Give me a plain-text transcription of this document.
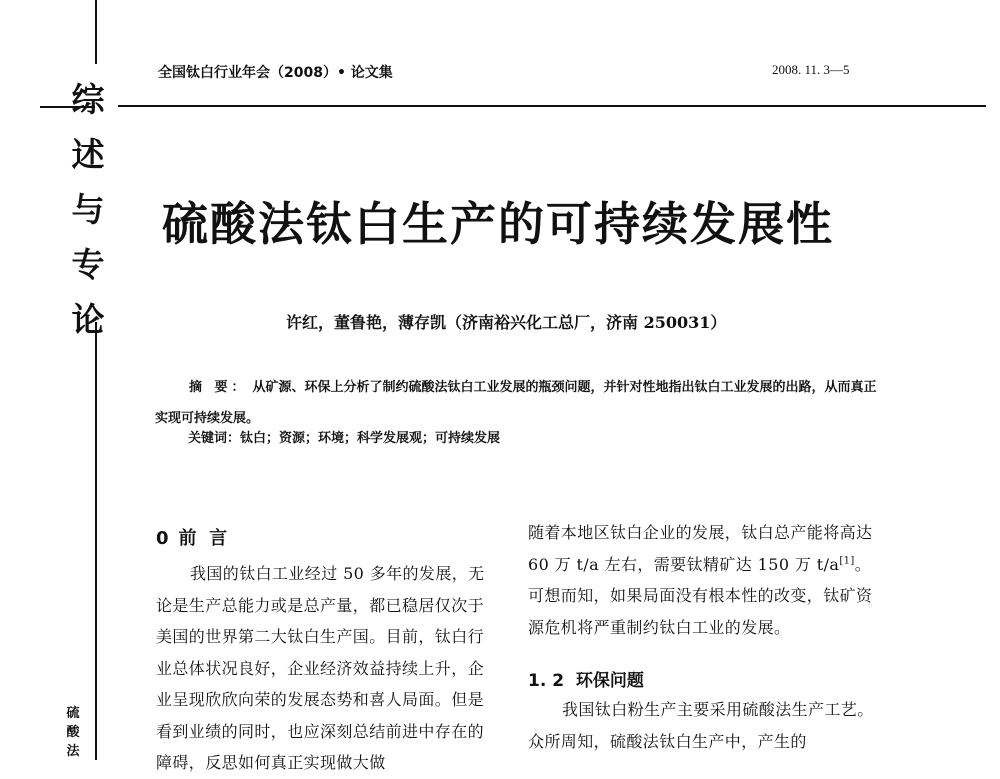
综
述
与
专
论
硫
酸
法
全国钛白行业年会（2008）• 论文集	2008. 11. 3—5
硫酸法钛白生产的可持续发展性
许红，董鲁艳，薄存凯（济南裕兴化工总厂，济南 250031）
摘 要： 从矿源、环保上分析了制约硫酸法钛白工业发展的瓶颈问题，并针对性地指出钛白工业发展的出路，从而真正实现可持续发展。
关键词：钛白；资源；环境；科学发展观；可持续发展
0 前  言
我国的钛白工业经过 50 多年的发展，无论是生产总能力或是总产量，都已稳居仅次于美国的世界第二大钛白生产国。目前，钛白行业总体状况良好，企业经济效益持续上升，企业呈现欣欣向荣的发展态势和喜人局面。但是看到业绩的同时，也应深刻总结前进中存在的障碍，反思如何真正实现做大做
随着本地区钛白企业的发展，钛白总产能将高达 60 万 t/a 左右，需要钛精矿达 150 万 t/a[1]。可想而知，如果局面没有根本性的改变，钛矿资源危机将严重制约钛白工业的发展。
1. 2  环保问题
我国钛白粉生产主要采用硫酸法生产工艺。众所周知，硫酸法钛白生产中，产生的
